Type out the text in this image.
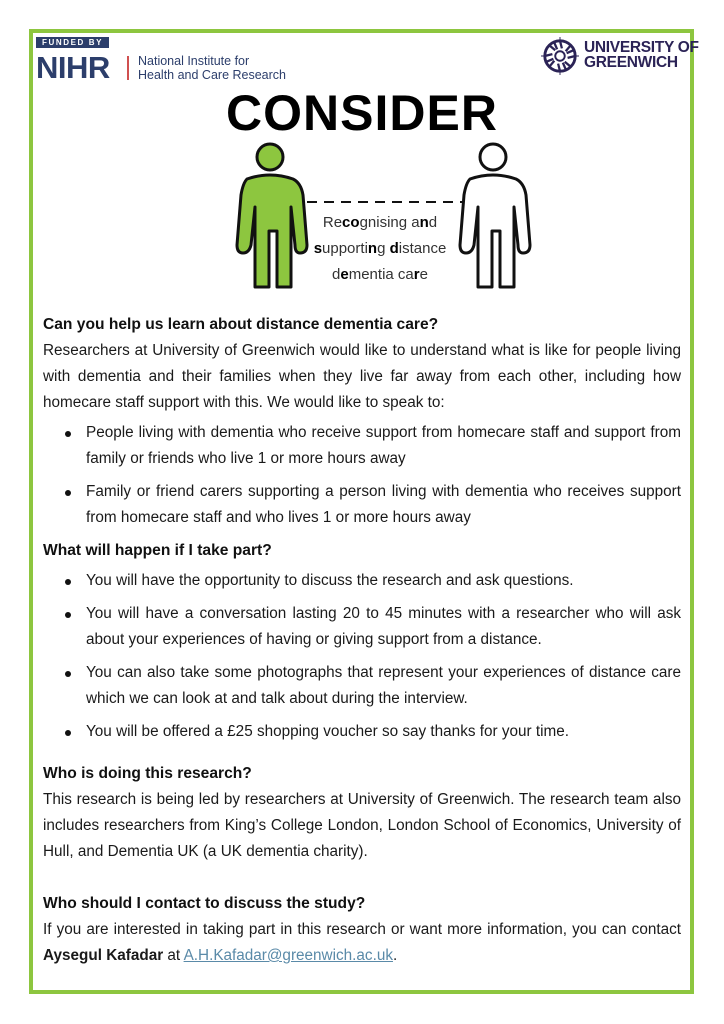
FUNDED BY
NIHR National Institute for
Health and Care Research
UNIVERSITY OF
GREENWICH
CONSIDER
Recognising and
supporting distance
dementia care
Can you help us learn about distance dementia care?

Researchers at University of Greenwich would like to understand what is like for people living with dementia and their families when they live far away from each other, including how homecare staff support with this. We would like to speak to:

People living with dementia who receive support from homecare staff and support from family or friends who live 1 or more hours away
Family or friend carers supporting a person living with dementia who receives support from homecare staff and who lives 1 or more hours away
What will happen if I take part?
You will have the opportunity to discuss the research and ask questions.
You will have a conversation lasting 20 to 45 minutes with a researcher who will ask about your experiences of having or giving support from a distance.
You can also take some photographs that represent your experiences of distance care which we can look at and talk about during the interview.
You will be offered a £25 shopping voucher so say thanks for your time.
Who is doing this research?

This research is being led by researchers at University of Greenwich. The research team also includes researchers from King’s College London, London School of Economics, University of Hull, and Dementia UK (a UK dementia charity).

Who should I contact to discuss the study?

If you are interested in taking part in this research or want more information, you can contact Aysegul Kafadar at A.H.Kafadar@greenwich.ac.uk.
